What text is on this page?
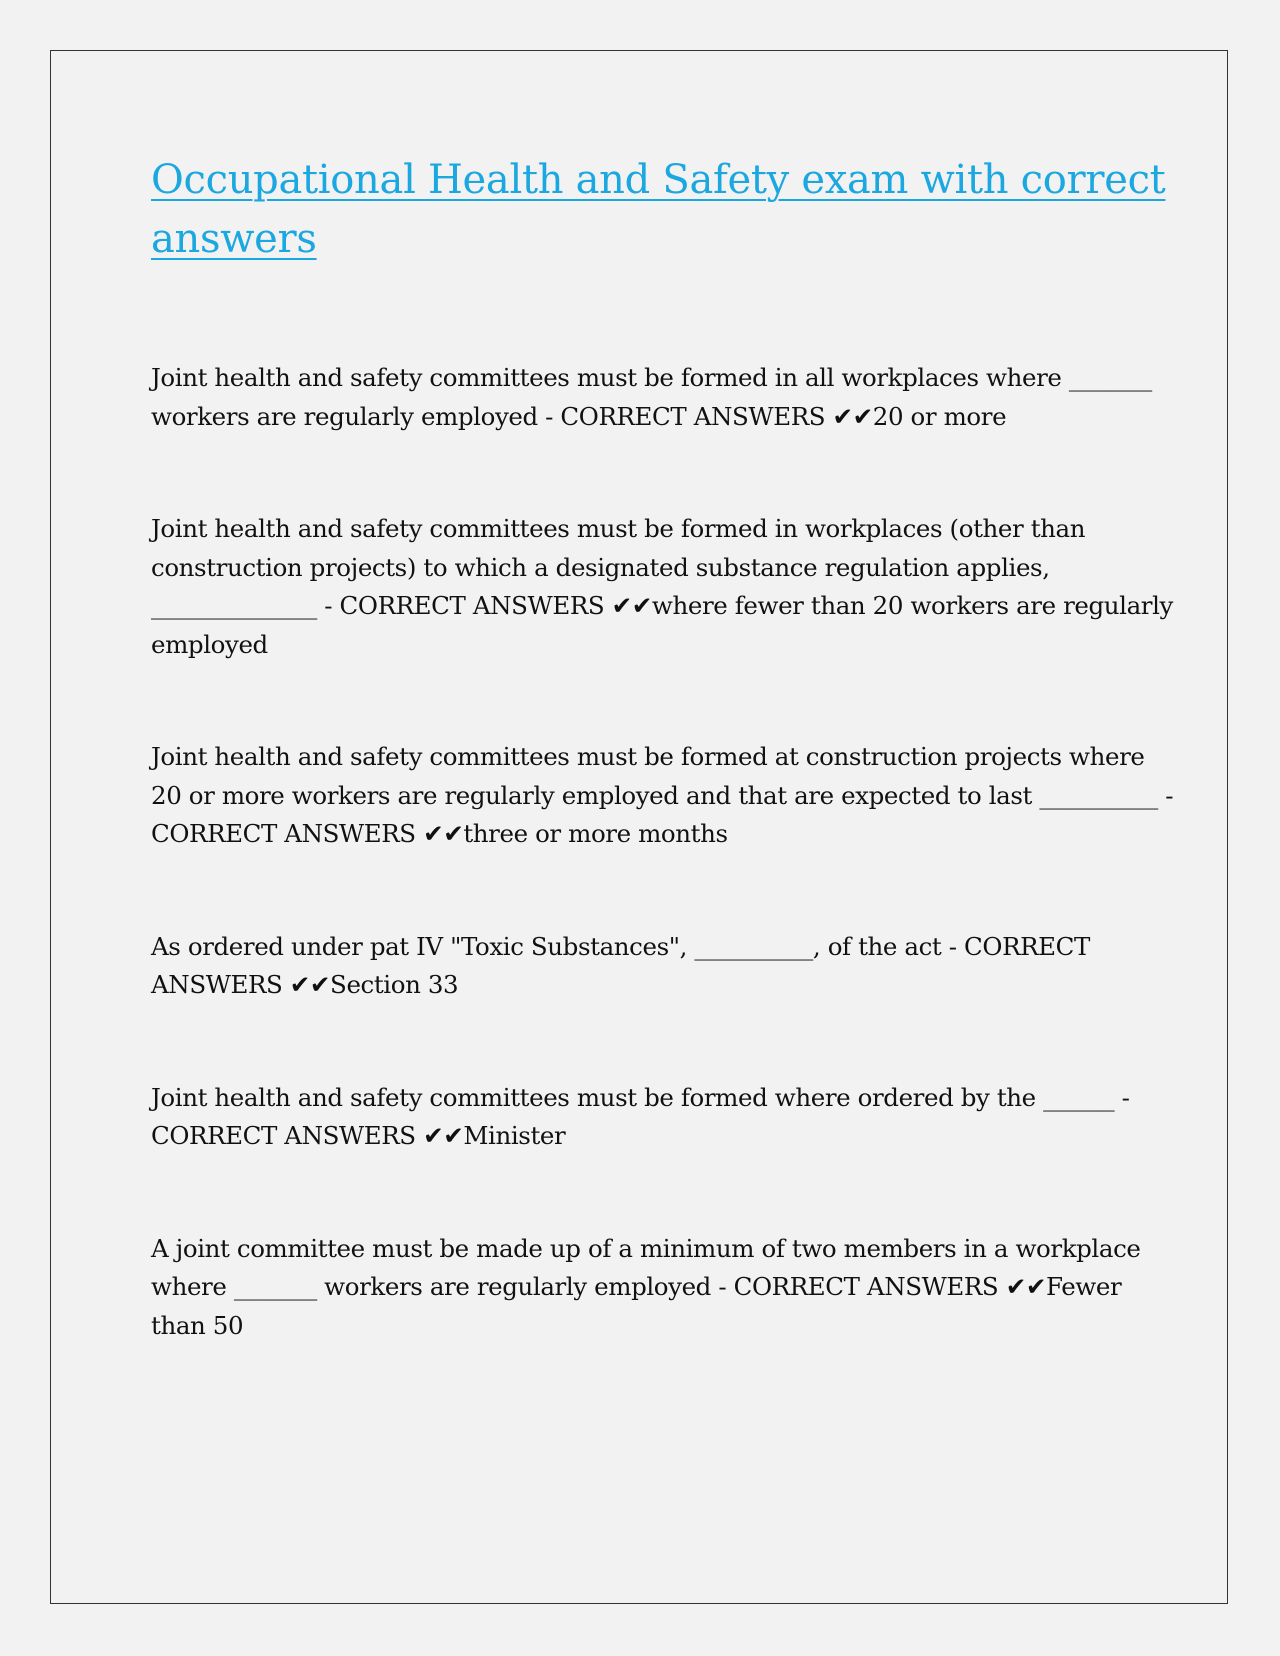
Occupational Health and Safety exam with correct answers

Joint health and safety committees must be formed in all workplaces where _______ workers are regularly employed - CORRECT ANSWERS ✔✔20 or more

Joint health and safety committees must be formed in workplaces (other than construction projects) to which a designated substance regulation applies, ______________ - CORRECT ANSWERS ✔✔where fewer than 20 workers are regularly employed

Joint health and safety committees must be formed at construction projects where 20 or more workers are regularly employed and that are expected to last __________ - CORRECT ANSWERS ✔✔three or more months

As ordered under pat IV "Toxic Substances", __________, of the act - CORRECT ANSWERS ✔✔Section 33

Joint health and safety committees must be formed where ordered by the ______ - CORRECT ANSWERS ✔✔Minister

A joint committee must be made up of a minimum of two members in a workplace where _______ workers are regularly employed - CORRECT ANSWERS ✔✔Fewer than 50
